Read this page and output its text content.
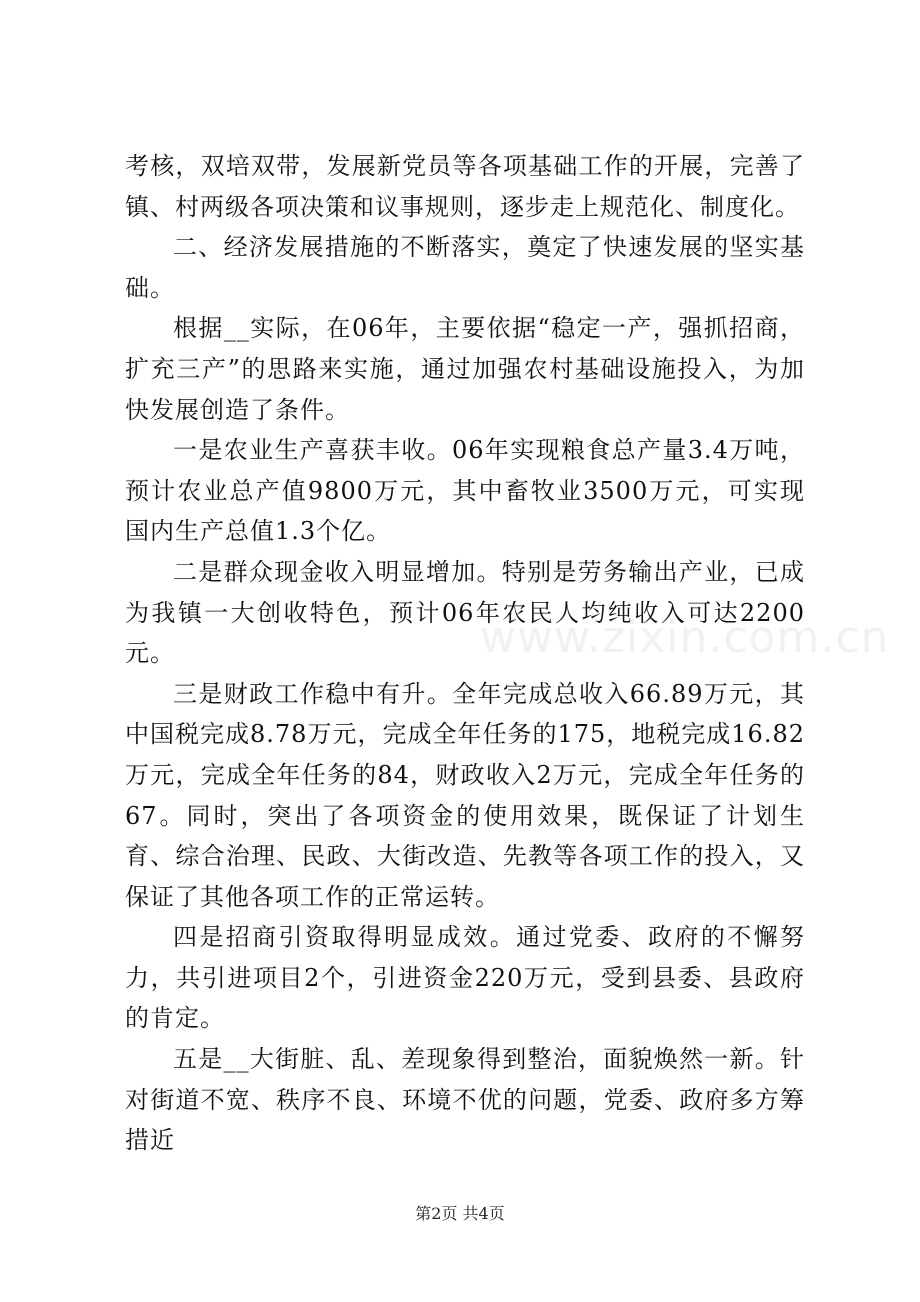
考核，双培双带，发展新党员等各项基础工作的开展，完善了镇、村两级各项决策和议事规则，逐步走上规范化、制度化。

二、经济发展措施的不断落实，奠定了快速发展的坚实基础。

根据__实际，在06年，主要依据“稳定一产，强抓招商，扩充三产”的思路来实施，通过加强农村基础设施投入，为加快发展创造了条件。

一是农业生产喜获丰收。06年实现粮食总产量3.4万吨，预计农业总产值9800万元，其中畜牧业3500万元，可实现国内生产总值1.3个亿。

二是群众现金收入明显增加。特别是劳务输出产业，已成为我镇一大创收特色，预计06年农民人均纯收入可达2200元。

三是财政工作稳中有升。全年完成总收入66.89万元，其中国税完成8.78万元，完成全年任务的175，地税完成16.82万元，完成全年任务的84，财政收入2万元，完成全年任务的67。同时，突出了各项资金的使用效果，既保证了计划生育、综合治理、民政、大街改造、先教等各项工作的投入，又保证了其他各项工作的正常运转。

四是招商引资取得明显成效。通过党委、政府的不懈努力，共引进项目2个，引进资金220万元，受到县委、县政府的肯定。

五是__大街脏、乱、差现象得到整治，面貌焕然一新。针对街道不宽、秩序不良、环境不优的问题，党委、政府多方筹措近

www.zixin.com.cn
第2页 共4页
